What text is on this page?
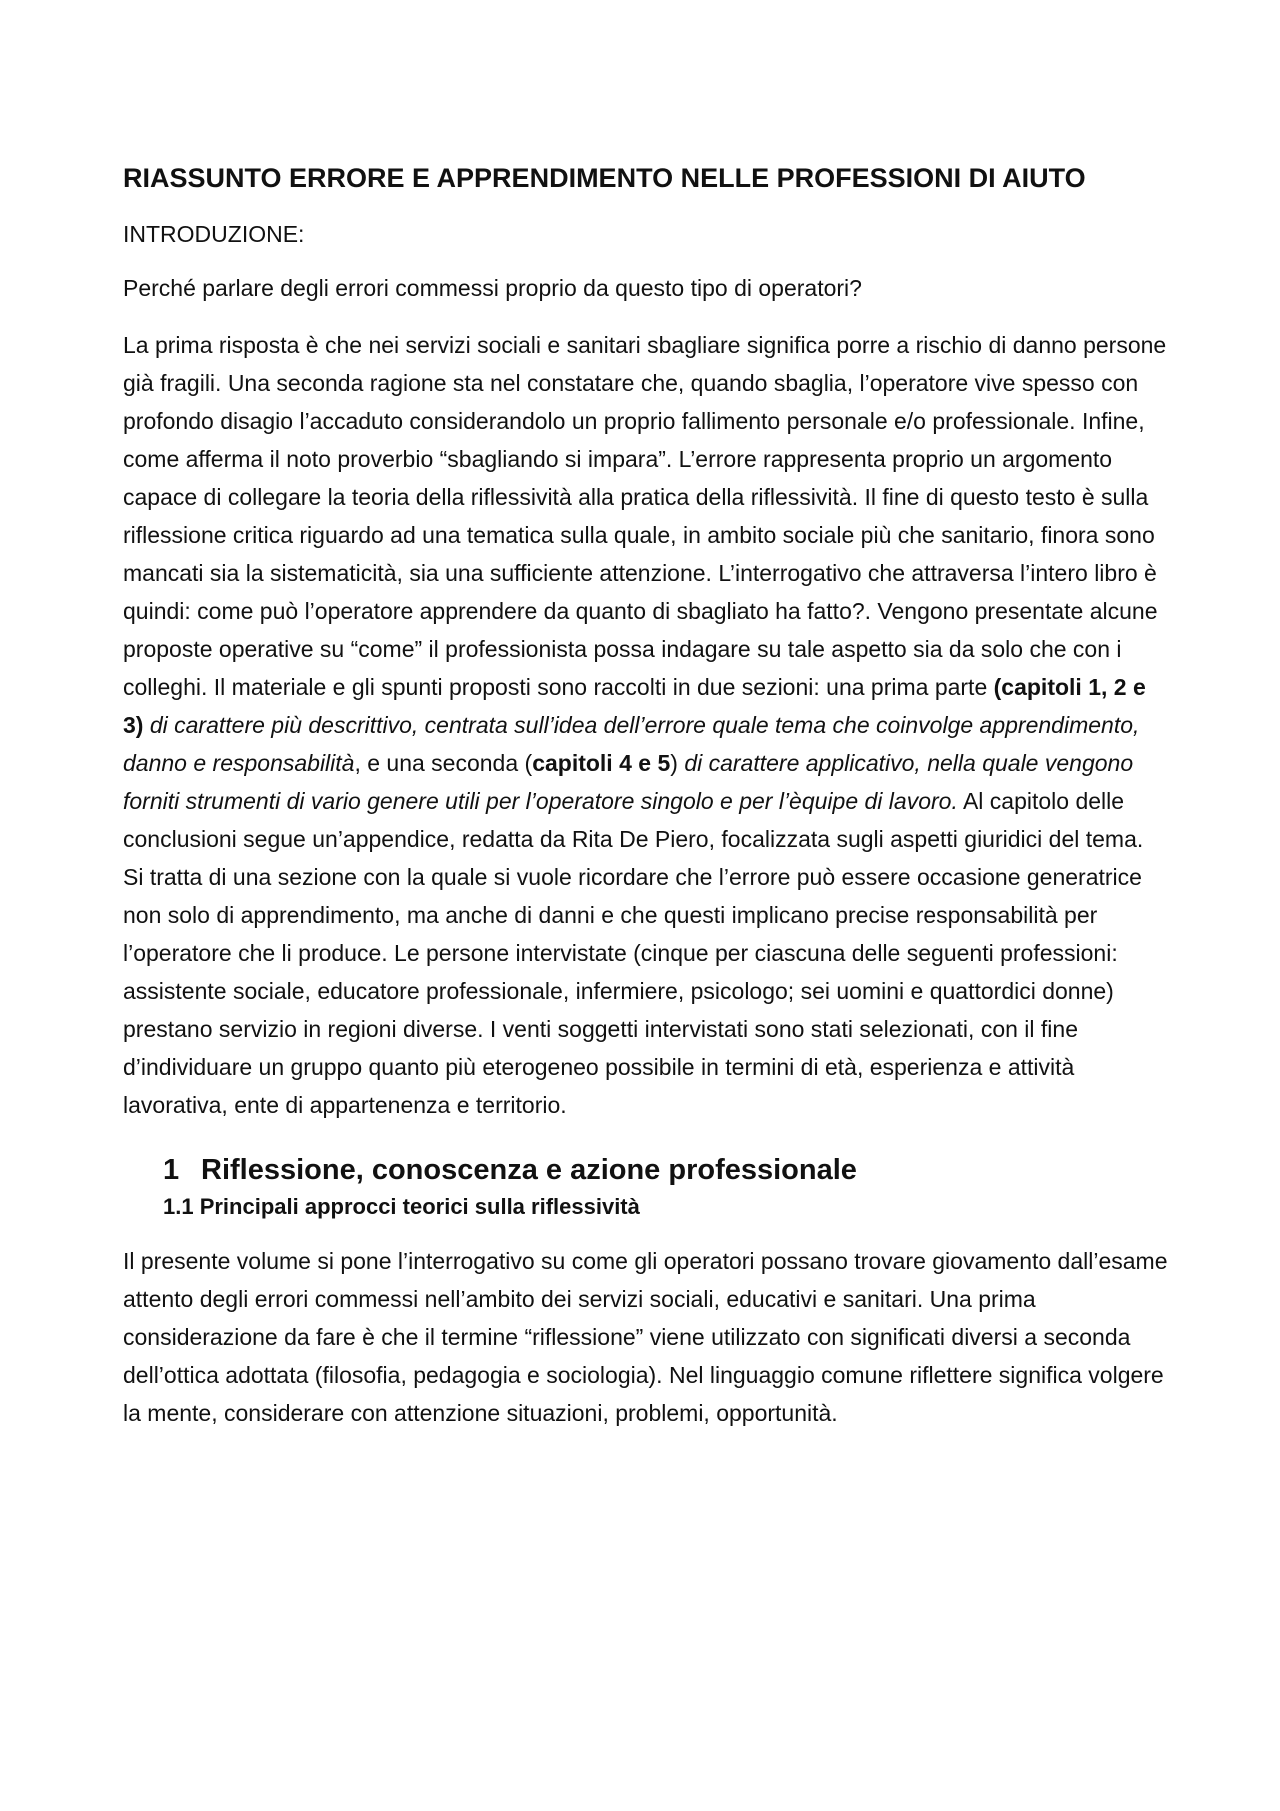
RIASSUNTO ERRORE E APPRENDIMENTO NELLE PROFESSIONI DI AIUTO
INTRODUZIONE:
Perché parlare degli errori commessi proprio da questo tipo di operatori?

La prima risposta è che nei servizi sociali e sanitari sbagliare significa porre a rischio di danno persone già fragili. Una seconda ragione sta nel constatare che, quando sbaglia, l’operatore vive spesso con profondo disagio l’accaduto considerandolo un proprio fallimento personale e/o professionale. Infine, come afferma il noto proverbio “sbagliando si impara”. L’errore rappresenta proprio un argomento capace di collegare la teoria della riflessività alla pratica della riflessività. Il fine di questo testo è sulla riflessione critica riguardo ad una tematica sulla quale, in ambito sociale più che sanitario, finora sono mancati sia la sistematicità, sia una sufficiente attenzione. L’interrogativo che attraversa l’intero libro è quindi: come può l’operatore apprendere da quanto di sbagliato ha fatto?. Vengono presentate alcune proposte operative su “come” il professionista possa indagare su tale aspetto sia da solo che con i colleghi. Il materiale e gli spunti proposti sono raccolti in due sezioni: una prima parte (capitoli 1, 2 e 3) di carattere più descrittivo, centrata sull’idea dell’errore quale tema che coinvolge apprendimento, danno e responsabilità, e una seconda (capitoli 4 e 5) di carattere applicativo, nella quale vengono forniti strumenti di vario genere utili per l’operatore singolo e per l’èquipe di lavoro. Al capitolo delle conclusioni segue un’appendice, redatta da Rita De Piero, focalizzata sugli aspetti giuridici del tema. Si tratta di una sezione con la quale si vuole ricordare che l’errore può essere occasione generatrice non solo di apprendimento, ma anche di danni e che questi implicano precise responsabilità per l’operatore che li produce. Le persone intervistate (cinque per ciascuna delle seguenti professioni: assistente sociale, educatore professionale, infermiere, psicologo; sei uomini e quattordici donne) prestano servizio in regioni diverse. I venti soggetti intervistati sono stati selezionati, con il fine d’individuare un gruppo quanto più eterogeneo possibile in termini di età, esperienza e attività lavorativa, ente di appartenenza e territorio.

1 Riflessione, conoscenza e azione professionale
1.1 Principali approcci teorici sulla riflessività

Il presente volume si pone l’interrogativo su come gli operatori possano trovare giovamento dall’esame attento degli errori commessi nell’ambito dei servizi sociali, educativi e sanitari. Una prima considerazione da fare è che il termine “riflessione” viene utilizzato con significati diversi a seconda dell’ottica adottata (filosofia, pedagogia e sociologia). Nel linguaggio comune riflettere significa volgere la mente, considerare con attenzione situazioni, problemi, opportunità.
